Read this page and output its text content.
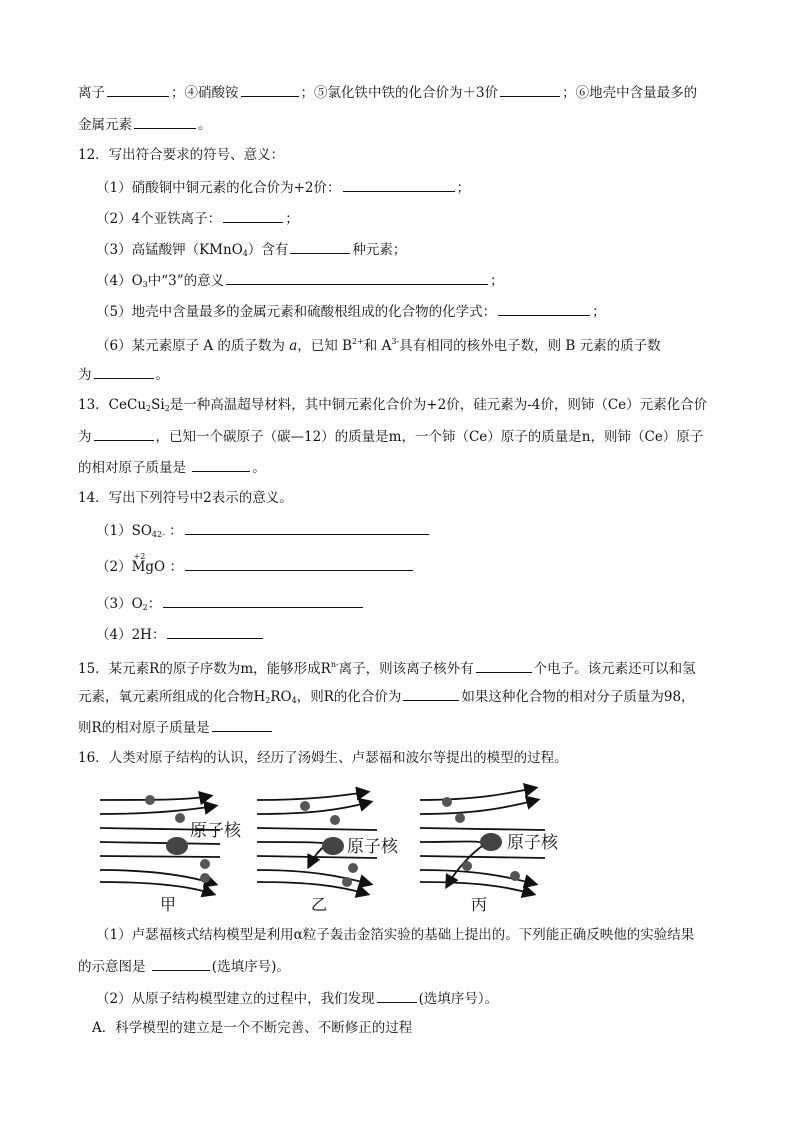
离子	；④硝酸铵	；⑤氯化铁中铁的化合价为＋3价	；⑥地壳中含量最多的
金属元素	。
12．写出符合要求的符号、意义：
（1）硝酸铜中铜元素的化合价为+2价：	；
（2）4个亚铁离子：	；
（3）高锰酸钾（KMnO$_4$）含有	种元素；
$(4)O_3$中“3”的意义	；
（5）地壳中含量最多的金属元素和硫酸根组成的化合物的化学式：	；
（6）某元素原子 A 的质子数为 a，已知 $B^{2+}$和 $A^{3-}$具有相同的核外电子数，则 B 元素的质子数
为	。
13．$CeCu_2Si_2$是一种高温超导材料，其中铜元素化合价为+2价，硅元素为-4价，则铈（Ce）元素化合价
为	，已知一个碳原子（碳—12）的质量是m，一个铈（Ce）原子的质量是n，则铈（Ce）原子
的相对原子质量是	。
14．写出下列符号中2表示的意义。
$(1)SO_{42-}$ ：
（2）
+2
MgO ：
$(3)O_2$：
（4）2H：
15．某元素R的原子序数为m，能够形成$R^{n-}$离子，则该离子核外有	个电子。该元素还可以和氢
元素，氧元素所组成的化合物$H_2RO_4$，则R的化合价为	如果这种化合物的相对分子质量为98，
则R的相对原子质量是
16．人类对原子结构的认识，经历了汤姆生、卢瑟福和波尔等提出的模型的过程。
原子核
甲
原子核
乙
原子核
丙
（1）卢瑟福核式结构模型是利用α粒子轰击金箔实验的基础上提出的。下列能正确反映他的实验结果
的示意图是	(选填序号)。
（2）从原子结构模型建立的过程中，我们发现	(选填序号）。
A．科学模型的建立是一个不断完善、不断修正的过程
